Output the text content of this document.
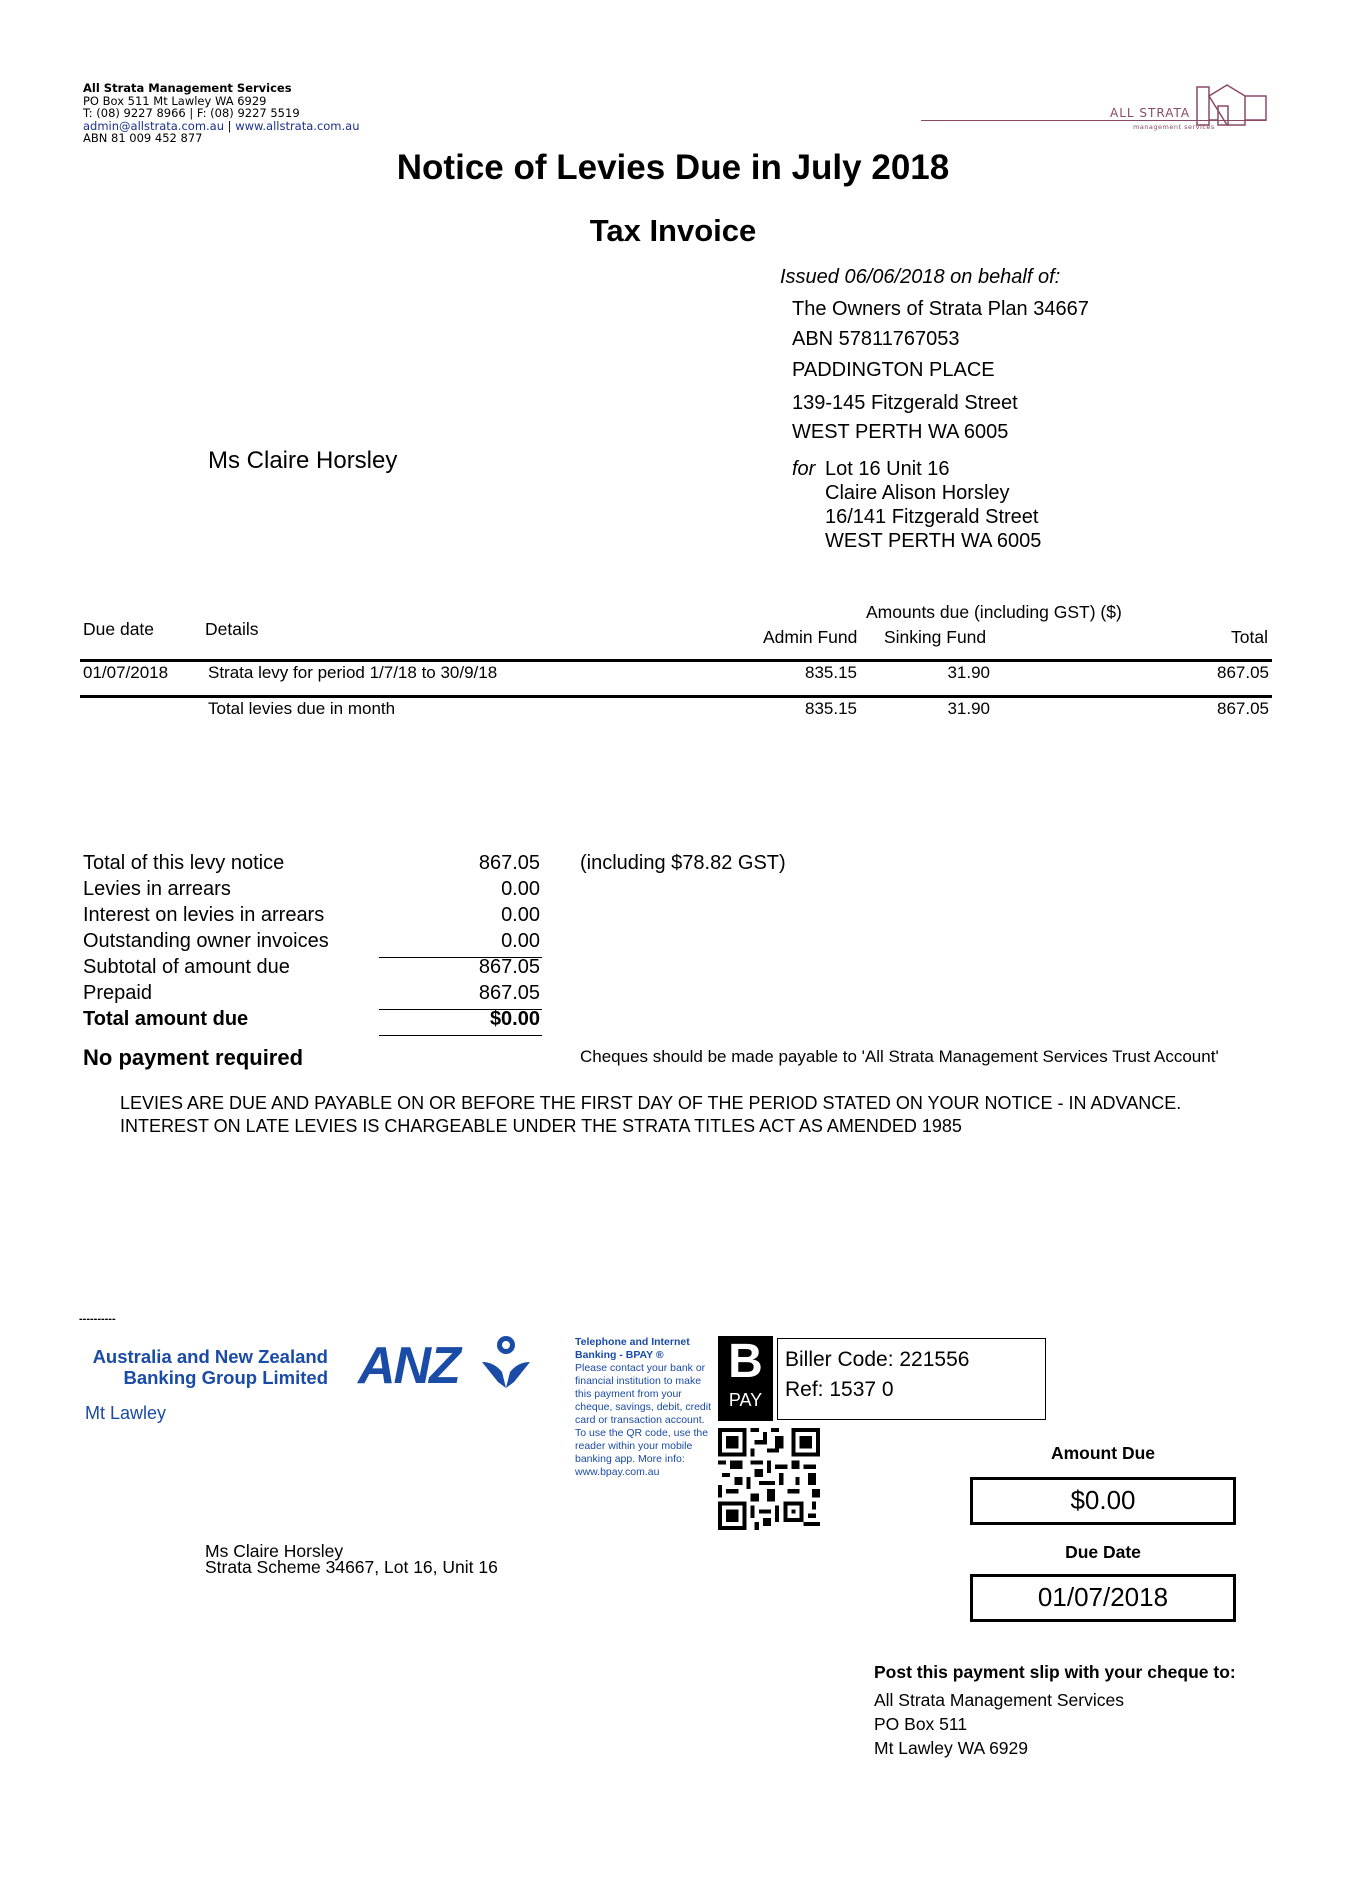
All Strata Management Services
PO Box 511 Mt Lawley WA 6929
T: (08) 9227 8966 | F: (08) 9227 5519
admin@allstrata.com.au | www.allstrata.com.au
ABN 81 009 452 877
ALL STRATA
management services
Notice of Levies Due in July 2018
Tax Invoice
Issued 06/06/2018 on behalf of:
The Owners of Strata Plan 34667
ABN 57811767053
PADDINGTON PLACE
139-145 Fitzgerald Street
WEST PERTH WA 6005
Ms Claire Horsley	for Lot 16 Unit 16
Claire Alison Horsley
16/141 Fitzgerald Street
WEST PERTH WA 6005
Amounts due (including GST) ($)
Due date	Details	Admin Fund Sinking Fund	Total
01/07/2018 Strata levy for period 1/7/18 to 30/9/18	835.15	31.90	867.05
Total levies due in month	835.15	31.90	867.05
Total of this levy notice	867.05 (including $78.82 GST)
Levies in arrears	0.00
Interest on levies in arrears	0.00
Outstanding owner invoices	0.00
Subtotal of amount due	867.05
Prepaid	867.05
Total amount due	$0.00
No payment required	Cheques should be made payable to 'All Strata Management Services Trust Account'
LEVIES ARE DUE AND PAYABLE ON OR BEFORE THE FIRST DAY OF THE PERIOD STATED ON YOUR NOTICE - IN ADVANCE. INTEREST ON LATE LEVIES IS CHARGEABLE UNDER THE STRATA TITLES ACT AS AMENDED 1985
----------
Australia and New Zealand
Banking Group Limited
Mt Lawley
ANZ	Telephone and Internet Banking - BPAY ®
Please contact your bank or financial institution to make this payment from your cheque, savings, debit, credit card or transaction account. To use the QR code, use the reader within your mobile banking app. More info: www.bpay.com.au
B
PAY
Biller Code: 221556
Ref: 1537 0
Ms Claire Horsley
Strata Scheme 34667, Lot 16, Unit 16
Amount Due
$0.00
Due Date
01/07/2018
Post this payment slip with your cheque to:
All Strata Management Services
PO Box 511
Mt Lawley WA 6929
